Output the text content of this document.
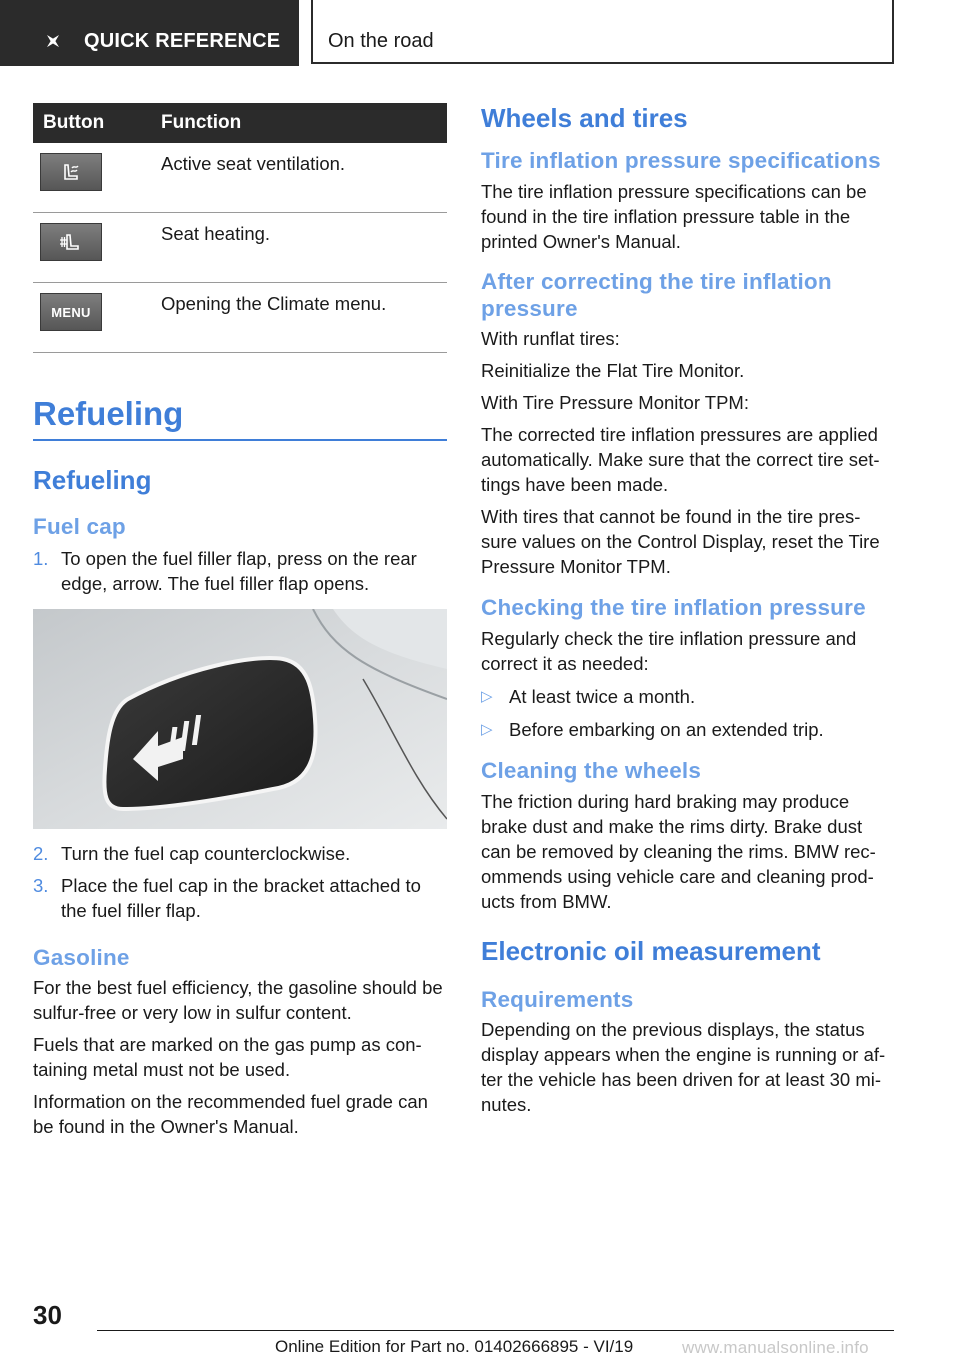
QUICK REFERENCE On the road
Button	Function

	Active seat ventilation.

	Seat heating.

MENU	Opening the Climate menu.
Refueling
Refueling
Fuel cap
1. To open the fuel filler flap, press on the rear edge, arrow. The fuel filler flap opens.
2. Turn the fuel cap counterclockwise.
3. Place the fuel cap in the bracket attached to the fuel filler flap.
Gasoline

For the best fuel efficiency, the gasoline should be sulfur-free or very low in sulfur content.

Fuels that are marked on the gas pump as con-taining metal must not be used.

Information on the recommended fuel grade can be found in the Owner's Manual.

Wheels and tires
Tire inflation pressure specifications

The tire inflation pressure specifications can be found in the tire inflation pressure table in the printed Owner's Manual.

After correcting the tire inflation pressure

With runflat tires:

Reinitialize the Flat Tire Monitor.

With Tire Pressure Monitor TPM:

The corrected tire inflation pressures are applied automatically. Make sure that the correct tire set-tings have been made.

With tires that cannot be found in the tire pres-sure values on the Control Display, reset the Tire Pressure Monitor TPM.

Checking the tire inflation pressure

Regularly check the tire inflation pressure and correct it as needed:

▷ At least twice a month.
▷ Before embarking on an extended trip.
Cleaning the wheels

The friction during hard braking may produce brake dust and make the rims dirty. Brake dust can be removed by cleaning the rims. BMW rec-ommends using vehicle care and cleaning prod-ucts from BMW.

Electronic oil measurement
Requirements

Depending on the previous displays, the status display appears when the engine is running or af-ter the vehicle has been driven for at least 30 mi-nutes.

30
Online Edition for Part no. 01402666895 - VI/19	www.manualsonline.info
